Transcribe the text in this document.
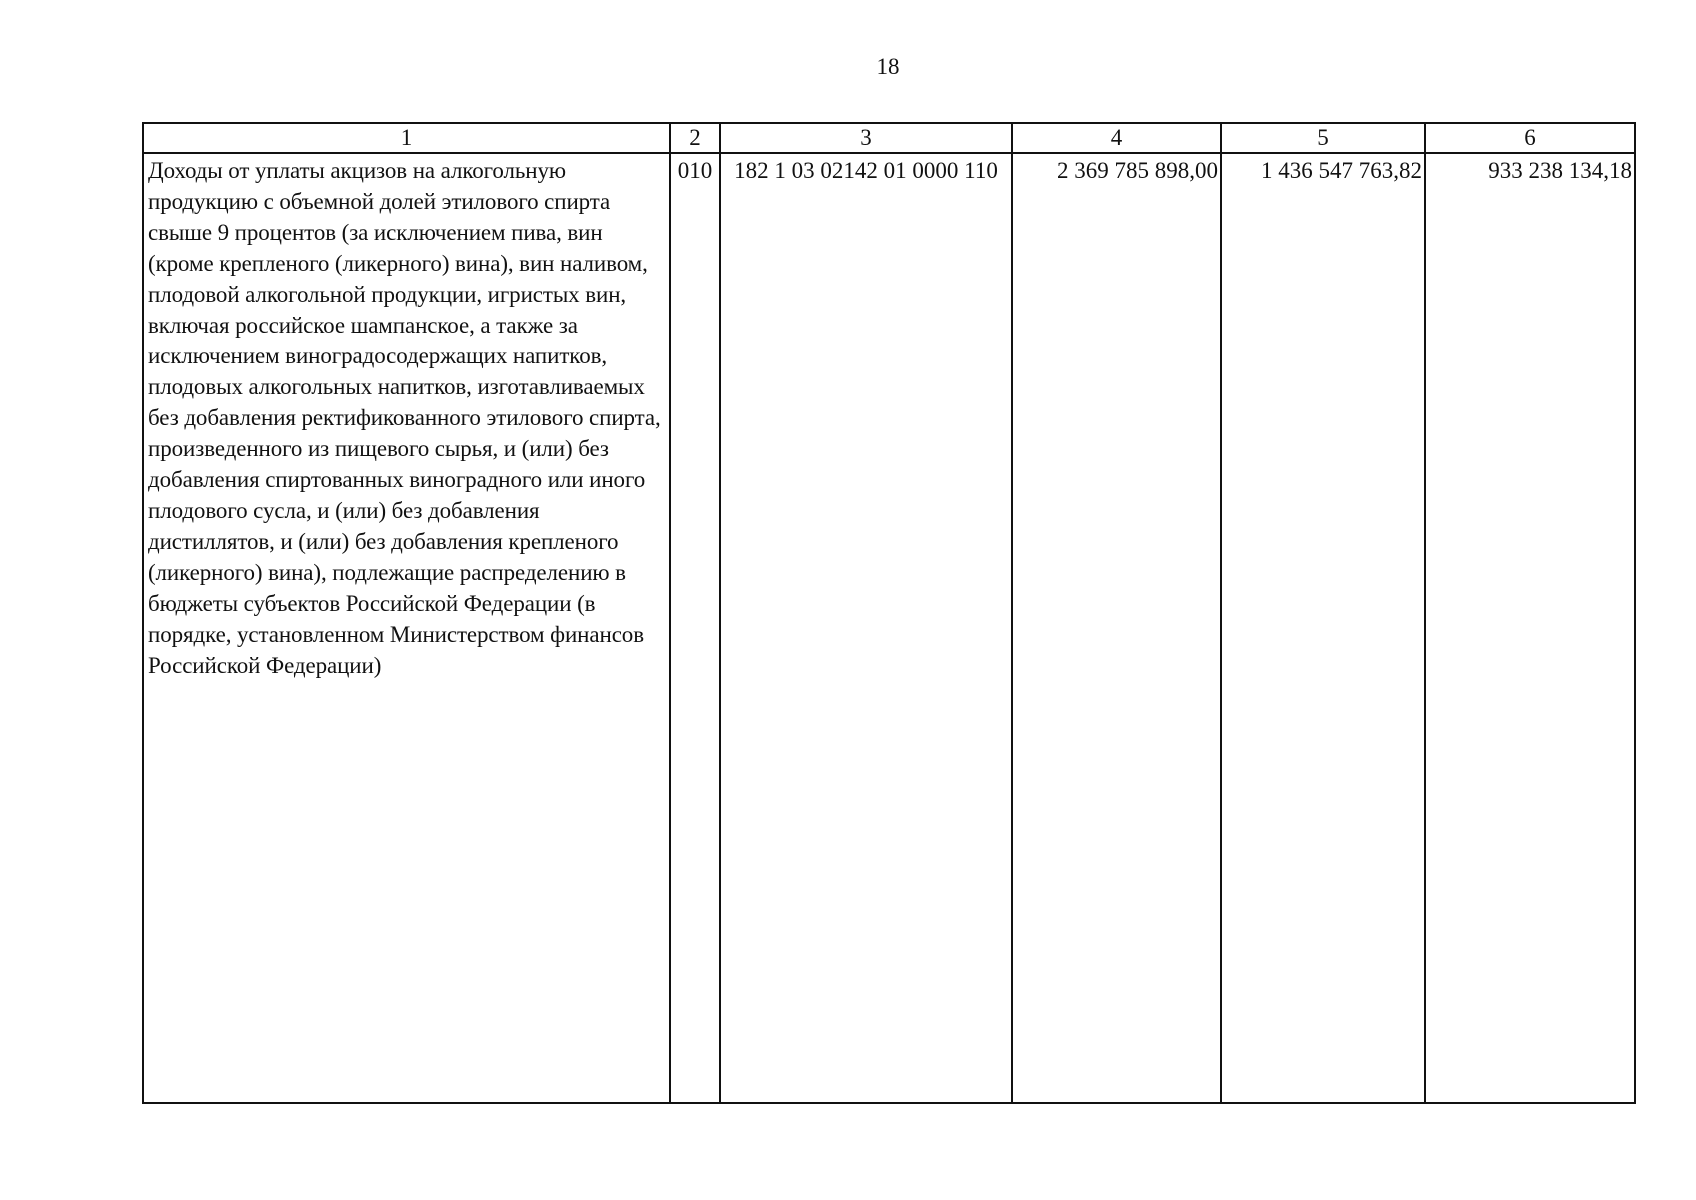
18
1	2	3	4	5	6
Доходы от уплаты акцизов на алкогольную продукцию с объемной долей этилового спирта свыше 9 процентов (за исключением пива, вин (кроме крепленого (ликерного) вина), вин наливом, плодовой алкогольной продукции, игристых вин, включая российское шампанское, а также за исключением виноградосодержащих напитков, плодовых алкогольных напитков, изготавливаемых без добавления ректификованного этилового спирта, произведенного из пищевого сырья, и (или) без добавления спиртованных виноградного или иного плодового сусла, и (или) без добавления дистиллятов, и (или) без добавления крепленого (ликерного) вина), подлежащие распределению в бюджеты субъектов Российской Федерации (в порядке, установленном Министерством финансов Российской Федерации)	010	182 1 03 02142 01 0000 110	2 369 785 898,00	1 436 547 763,82	933 238 134,18
